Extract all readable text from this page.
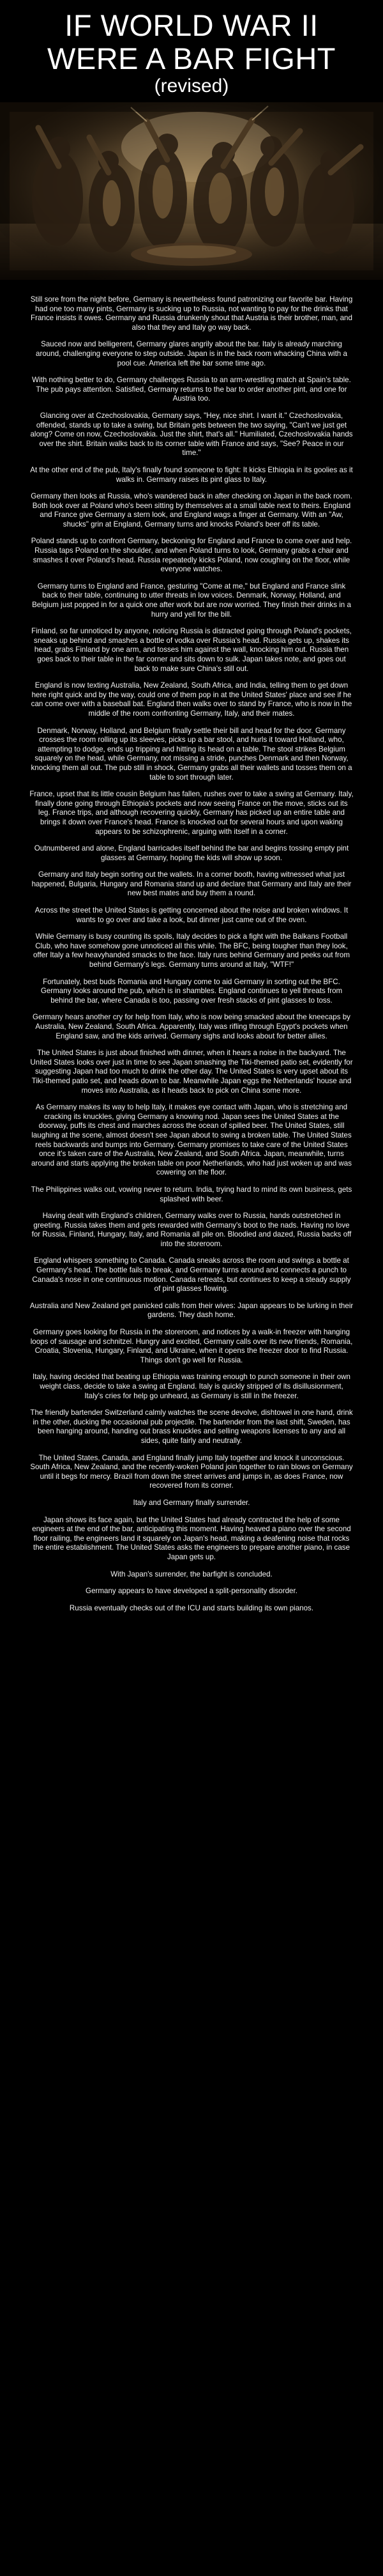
IF WORLD WAR II WERE A BAR FIGHT
(revised)

Still sore from the night before, Germany is nevertheless found patronizing our favorite bar. Having had one too many pints, Germany is sucking up to Russia, not wanting to pay for the drinks that France insists it owes. Germany and Russia drunkenly shout that Austria is their brother, man, and also that they and Italy go way back.

Sauced now and belligerent, Germany glares angrily about the bar. Italy is already marching around, challenging everyone to step outside. Japan is in the back room whacking China with a pool cue. America left the bar some time ago.

With nothing better to do, Germany challenges Russia to an arm-wrestling match at Spain's table. The pub pays attention. Satisfied, Germany returns to the bar to order another pint, and one for Austria too.

Glancing over at Czechoslovakia, Germany says, "Hey, nice shirt. I want it." Czechoslovakia, offended, stands up to take a swing, but Britain gets between the two saying, "Can't we just get along? Come on now, Czechoslovakia. Just the shirt, that's all." Humiliated, Czechoslovakia hands over the shirt. Britain walks back to its corner table with France and says, "See? Peace in our time."

At the other end of the pub, Italy's finally found someone to fight: It kicks Ethiopia in its goolies as it walks in. Germany raises its pint glass to Italy.

Germany then looks at Russia, who's wandered back in after checking on Japan in the back room. Both look over at Poland who's been sitting by themselves at a small table next to theirs. England and France give Germany a stern look, and England wags a finger at Germany. With an "Aw, shucks" grin at England, Germany turns and knocks Poland's beer off its table.

Poland stands up to confront Germany, beckoning for England and France to come over and help. Russia taps Poland on the shoulder, and when Poland turns to look, Germany grabs a chair and smashes it over Poland's head. Russia repeatedly kicks Poland, now coughing on the floor, while everyone watches.

Germany turns to England and France, gesturing "Come at me," but England and France slink back to their table, continuing to utter threats in low voices. Denmark, Norway, Holland, and Belgium just popped in for a quick one after work but are now worried. They finish their drinks in a hurry and yell for the bill.

Finland, so far unnoticed by anyone, noticing Russia is distracted going through Poland's pockets, sneaks up behind and smashes a bottle of vodka over Russia's head. Russia gets up, shakes its head, grabs Finland by one arm, and tosses him against the wall, knocking him out. Russia then goes back to their table in the far corner and sits down to sulk. Japan takes note, and goes out back to make sure China's still out.

England is now texting Australia, New Zealand, South Africa, and India, telling them to get down here right quick and by the way, could one of them pop in at the United States' place and see if he can come over with a baseball bat. England then walks over to stand by France, who is now in the middle of the room confronting Germany, Italy, and their mates.

Denmark, Norway, Holland, and Belgium finally settle their bill and head for the door. Germany crosses the room rolling up its sleeves, picks up a bar stool, and hurls it toward Holland, who, attempting to dodge, ends up tripping and hitting its head on a table. The stool strikes Belgium squarely on the head, while Germany, not missing a stride, punches Denmark and then Norway, knocking them all out. The pub still in shock, Germany grabs all their wallets and tosses them on a table to sort through later.

France, upset that its little cousin Belgium has fallen, rushes over to take a swing at Germany. Italy, finally done going through Ethiopia's pockets and now seeing France on the move, sticks out its leg. France trips, and although recovering quickly, Germany has picked up an entire table and brings it down over France's head. France is knocked out for several hours and upon waking appears to be schizophrenic, arguing with itself in a corner.

Outnumbered and alone, England barricades itself behind the bar and begins tossing empty pint glasses at Germany, hoping the kids will show up soon.

Germany and Italy begin sorting out the wallets. In a corner booth, having witnessed what just happened, Bulgaria, Hungary and Romania stand up and declare that Germany and Italy are their new best mates and buy them a round.

Across the street the United States is getting concerned about the noise and broken windows. It wants to go over and take a look, but dinner just came out of the oven.

While Germany is busy counting its spoils, Italy decides to pick a fight with the Balkans Football Club, who have somehow gone unnoticed all this while. The BFC, being tougher than they look, offer Italy a few heavyhanded smacks to the face. Italy runs behind Germany and peeks out from behind Germany's legs. Germany turns around at Italy, "WTF!"

Fortunately, best buds Romania and Hungary come to aid Germany in sorting out the BFC. Germany looks around the pub, which is in shambles. England continues to yell threats from behind the bar, where Canada is too, passing over fresh stacks of pint glasses to toss.

Germany hears another cry for help from Italy, who is now being smacked about the kneecaps by Australia, New Zealand, South Africa. Apparently, Italy was rifling through Egypt's pockets when England saw, and the kids arrived. Germany sighs and looks about for better allies.

The United States is just about finished with dinner, when it hears a noise in the backyard. The United States looks over just in time to see Japan smashing the Tiki-themed patio set, evidently for suggesting Japan had too much to drink the other day. The United States is very upset about its Tiki-themed patio set, and heads down to bar. Meanwhile Japan eggs the Netherlands' house and moves into Australia, as it heads back to pick on China some more.

As Germany makes its way to help Italy, it makes eye contact with Japan, who is stretching and cracking its knuckles, giving Germany a knowing nod. Japan sees the United States at the doorway, puffs its chest and marches across the ocean of spilled beer. The United States, still laughing at the scene, almost doesn't see Japan about to swing a broken table. The United States reels backwards and bumps into Germany. Germany promises to take care of the United States once it's taken care of the Australia, New Zealand, and South Africa. Japan, meanwhile, turns around and starts applying the broken table on poor Netherlands, who had just woken up and was cowering on the floor.

The Philippines walks out, vowing never to return. India, trying hard to mind its own business, gets splashed with beer.

Having dealt with England's children, Germany walks over to Russia, hands outstretched in greeting. Russia takes them and gets rewarded with Germany's boot to the nads. Having no love for Russia, Finland, Hungary, Italy, and Romania all pile on. Bloodied and dazed, Russia backs off into the storeroom.

England whispers something to Canada. Canada sneaks across the room and swings a bottle at Germany's head. The bottle fails to break, and Germany turns around and connects a punch to Canada's nose in one continuous motion. Canada retreats, but continues to keep a steady supply of pint glasses flowing.

Australia and New Zealand get panicked calls from their wives: Japan appears to be lurking in their gardens. They dash home.

Germany goes looking for Russia in the storeroom, and notices by a walk-in freezer with hanging loops of sausage and schnitzel. Hungry and excited, Germany calls over its new friends, Romania, Croatia, Slovenia, Hungary, Finland, and Ukraine, when it opens the freezer door to find Russia. Things don't go well for Russia.

Italy, having decided that beating up Ethiopia was training enough to punch someone in their own weight class, decide to take a swing at England. Italy is quickly stripped of its disillusionment, Italy's cries for help go unheard, as Germany is still in the freezer.

The friendly bartender Switzerland calmly watches the scene devolve, dishtowel in one hand, drink in the other, ducking the occasional pub projectile. The bartender from the last shift, Sweden, has been hanging around, handing out brass knuckles and selling weapons licenses to any and all sides, quite fairly and neutrally.

The United States, Canada, and England finally jump Italy together and knock it unconscious. South Africa, New Zealand, and the recently-woken Poland join together to rain blows on Germany until it begs for mercy. Brazil from down the street arrives and jumps in, as does France, now recovered from its corner.

Italy and Germany finally surrender.

Japan shows its face again, but the United States had already contracted the help of some engineers at the end of the bar, anticipating this moment. Having heaved a piano over the second floor railing, the engineers land it squarely on Japan's head, making a deafening noise that rocks the entire establishment. The United States asks the engineers to prepare another piano, in case Japan gets up.

With Japan's surrender, the barfight is concluded.

Germany appears to have developed a split-personality disorder.

Russia eventually checks out of the ICU and starts building its own pianos.
